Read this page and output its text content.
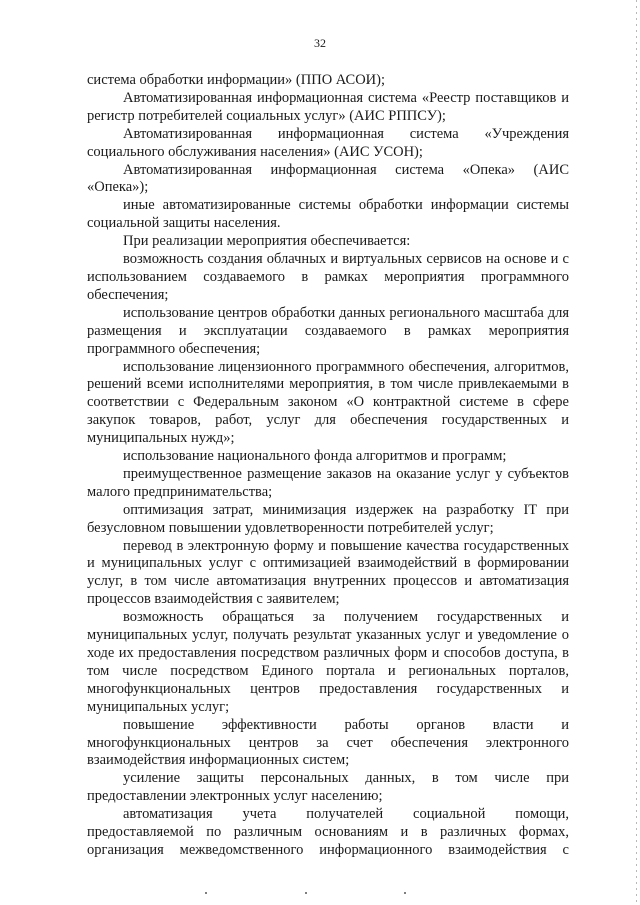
32

система обработки информации» (ППО АСОИ);

Автоматизированная информационная система «Реестр поставщиков и регистр потребителей социальных услуг» (АИС РППСУ);

Автоматизированная информационная система «Учреждения социального обслуживания населения» (АИС УСОН);

Автоматизированная информационная система «Опека» (АИС «Опека»);

иные автоматизированные системы обработки информации системы социальной защиты населения.

При реализации мероприятия обеспечивается:

возможность создания облачных и виртуальных сервисов на основе и с использованием создаваемого в рамках мероприятия программного обеспечения;

использование центров обработки данных регионального масштаба для размещения и эксплуатации создаваемого в рамках мероприятия программного обеспечения;

использование лицензионного программного обеспечения, алгоритмов, решений всеми исполнителями мероприятия, в том числе привлекаемыми в соответствии с Федеральным законом «О контрактной системе в сфере закупок товаров, работ, услуг для обеспечения государственных и муниципальных нужд»;

использование национального фонда алгоритмов и программ;

преимущественное размещение заказов на оказание услуг у субъектов малого предпринимательства;

оптимизация затрат, минимизация издержек на разработку IT при безусловном повышении удовлетворенности потребителей услуг;

перевод в электронную форму и повышение качества государственных и муниципальных услуг с оптимизацией взаимодействий в формировании услуг, в том числе автоматизация внутренних процессов и автоматизация процессов взаимодействия с заявителем;

возможность обращаться за получением государственных и муниципальных услуг, получать результат указанных услуг и уведомление о ходе их предоставления посредством различных форм и способов доступа, в том числе посредством Единого портала и региональных порталов, многофункциональных центров предоставления государственных и муниципальных услуг;

повышение эффективности работы органов власти и многофункциональных центров за счет обеспечения электронного взаимодействия информационных систем;

усиление защиты персональных данных, в том числе при предоставлении электронных услуг населению;

автоматизация учета получателей социальной помощи, предоставляемой по различным основаниям и в различных формах, организация межведомственного информационного взаимодействия с
